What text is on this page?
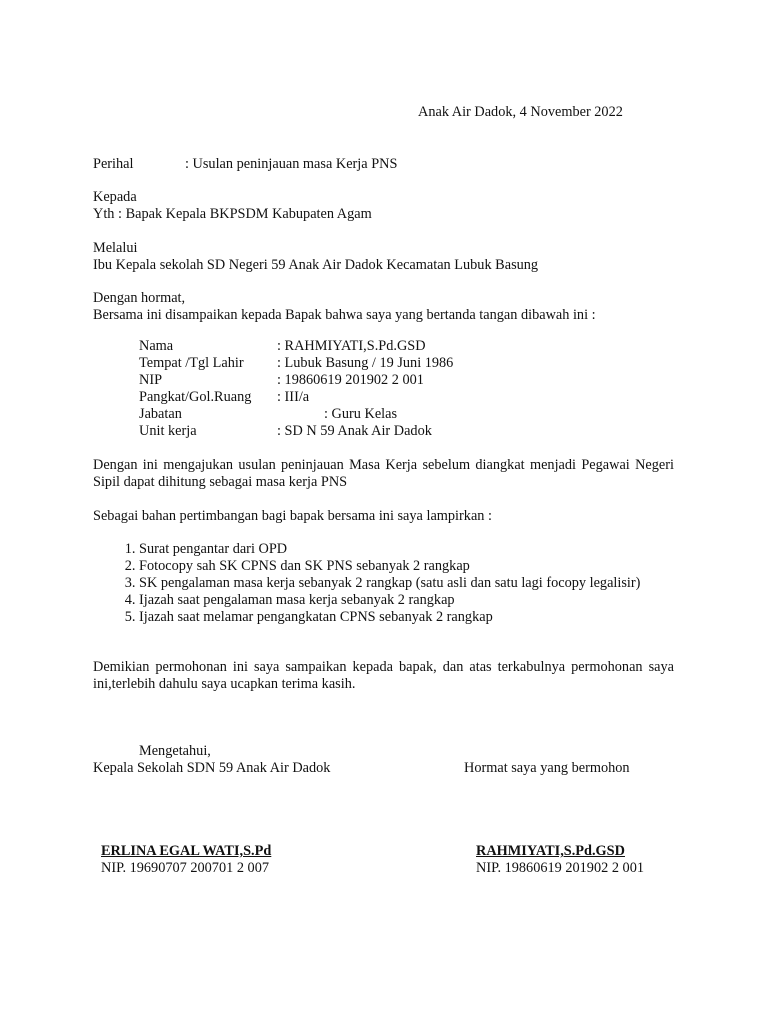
Anak Air Dadok, 4 November 2022
Perihal	: Usulan peninjauan masa Kerja PNS
Kepada
Yth : Bapak Kepala BKPSDM Kabupaten Agam
Melalui
Ibu Kepala sekolah SD Negeri 59 Anak Air Dadok Kecamatan Lubuk Basung
Dengan hormat,
Bersama ini disampaikan kepada Bapak bahwa saya yang bertanda tangan dibawah ini :
Nama	: RAHMIYATI,S.Pd.GSD
Tempat /Tgl Lahir : Lubuk Basung / 19 Juni 1986
NIP	: 19860619 201902 2 001
Pangkat/Gol.Ruang : III/a
Jabatan	: Guru Kelas
Unit kerja	: SD N 59 Anak Air Dadok
Dengan ini mengajukan usulan peninjauan Masa Kerja sebelum diangkat menjadi Pegawai Negeri Sipil dapat dihitung sebagai masa kerja PNS
Sebagai bahan pertimbangan bagi bapak bersama ini saya lampirkan :
1. Surat pengantar dari OPD
2. Fotocopy sah SK CPNS dan SK PNS sebanyak 2 rangkap
3. SK pengalaman masa kerja sebanyak 2 rangkap (satu asli dan satu lagi focopy legalisir)
4. Ijazah saat pengalaman masa kerja sebanyak 2 rangkap
5. Ijazah saat melamar pengangkatan CPNS sebanyak 2 rangkap
Demikian permohonan ini saya sampaikan kepada bapak, dan atas terkabulnya permohonan saya ini,terlebih dahulu saya ucapkan terima kasih.
Mengetahui,
Kepala Sekolah SDN 59 Anak Air Dadok	Hormat saya yang bermohon
ERLINA EGAL WATI,S.Pd
NIP. 19690707 200701 2 007
RAHMIYATI,S.Pd.GSD
NIP. 19860619 201902 2 001
